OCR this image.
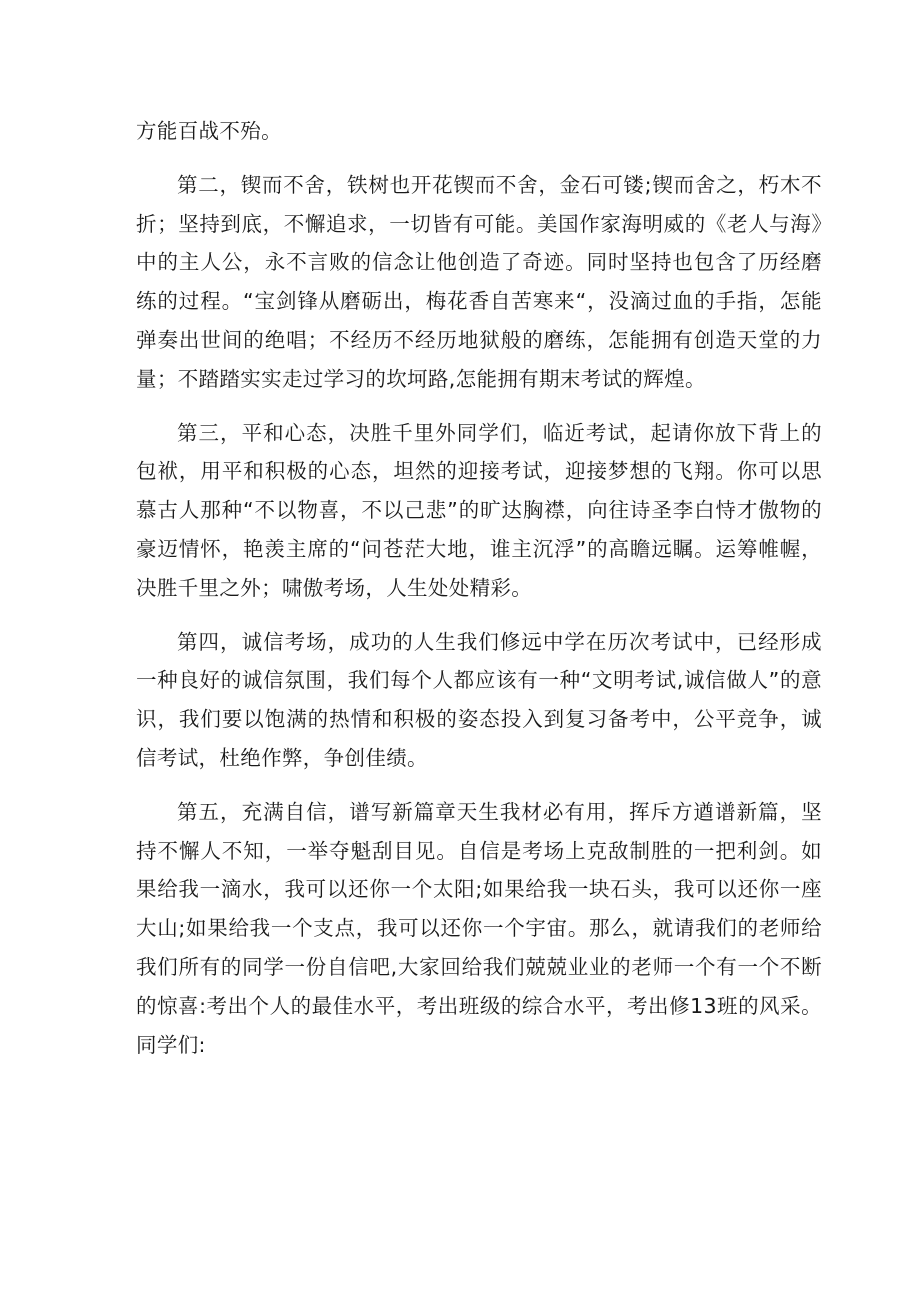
方能百战不殆。

第二，锲而不舍，铁树也开花锲而不舍，金石可镂;锲而舍之，朽木不折；坚持到底，不懈追求，一切皆有可能。美国作家海明威的《老人与海》中的主人公，永不言败的信念让他创造了奇迹。同时坚持也包含了历经磨练的过程。“宝剑锋从磨砺出，梅花香自苦寒来“，没滴过血的手指，怎能弹奏出世间的绝唱；不经历不经历地狱般的磨练，怎能拥有创造天堂的力量；不踏踏实实走过学习的坎坷路,怎能拥有期末考试的辉煌。

第三，平和心态，决胜千里外同学们，临近考试，起请你放下背上的包袱，用平和积极的心态，坦然的迎接考试，迎接梦想的飞翔。你可以思慕古人那种“不以物喜，不以己悲”的旷达胸襟，向往诗圣李白恃才傲物的豪迈情怀，艳羡主席的“问苍茫大地，谁主沉浮”的高瞻远瞩。运筹帷幄，决胜千里之外；啸傲考场，人生处处精彩。

第四，诚信考场，成功的人生我们修远中学在历次考试中，已经形成一种良好的诚信氛围，我们每个人都应该有一种“文明考试,诚信做人”的意识，我们要以饱满的热情和积极的姿态投入到复习备考中，公平竞争，诚信考试，杜绝作弊，争创佳绩。

第五，充满自信，谱写新篇章天生我材必有用，挥斥方遒谱新篇，坚持不懈人不知，一举夺魁刮目见。自信是考场上克敌制胜的一把利剑。如果给我一滴水，我可以还你一个太阳;如果给我一块石头，我可以还你一座大山;如果给我一个支点，我可以还你一个宇宙。那么，就请我们的老师给我们所有的同学一份自信吧,大家回给我们兢兢业业的老师一个有一个不断的惊喜:考出个人的最佳水平，考出班级的综合水平，考出修13班的风采。同学们:
